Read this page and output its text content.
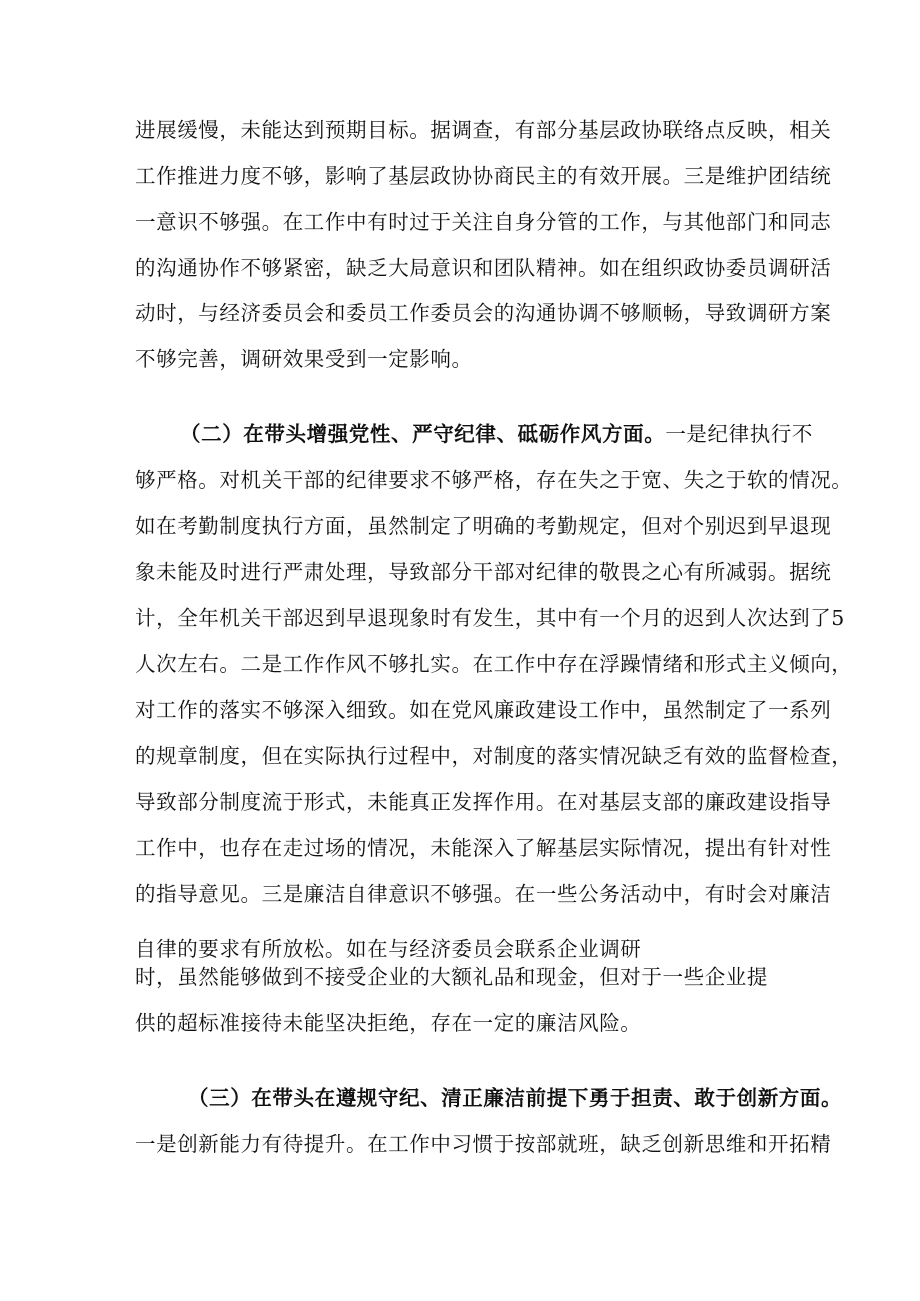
进展缓慢，未能达到预期目标。据调查，有部分基层政协联络点反映，相关
工作推进力度不够，影响了基层政协协商民主的有效开展。三是维护团结统
一意识不够强。在工作中有时过于关注自身分管的工作，与其他部门和同志
的沟通协作不够紧密，缺乏大局意识和团队精神。如在组织政协委员调研活
动时，与经济委员会和委员工作委员会的沟通协调不够顺畅，导致调研方案
不够完善，调研效果受到一定影响。
（二）在带头增强党性、严守纪律、砥砺作风方面。一是纪律执行不
够严格。对机关干部的纪律要求不够严格，存在失之于宽、失之于软的情况。
如在考勤制度执行方面，虽然制定了明确的考勤规定，但对个别迟到早退现
象未能及时进行严肃处理，导致部分干部对纪律的敬畏之心有所减弱。据统
计，全年机关干部迟到早退现象时有发生，其中有一个月的迟到人次达到了5
人次左右。二是工作作风不够扎实。在工作中存在浮躁情绪和形式主义倾向，
对工作的落实不够深入细致。如在党风廉政建设工作中，虽然制定了一系列
的规章制度，但在实际执行过程中，对制度的落实情况缺乏有效的监督检查，
导致部分制度流于形式，未能真正发挥作用。在对基层支部的廉政建设指导
工作中，也存在走过场的情况，未能深入了解基层实际情况，提出有针对性
的指导意见。三是廉洁自律意识不够强。在一些公务活动中，有时会对廉洁
自律的要求有所放松。如在与经济委员会联系企业调研
时，虽然能够做到不接受企业的大额礼品和现金，但对于一些企业提
供的超标准接待未能坚决拒绝，存在一定的廉洁风险。
（三）在带头在遵规守纪、清正廉洁前提下勇于担责、敢于创新方面。
一是创新能力有待提升。在工作中习惯于按部就班，缺乏创新思维和开拓精
